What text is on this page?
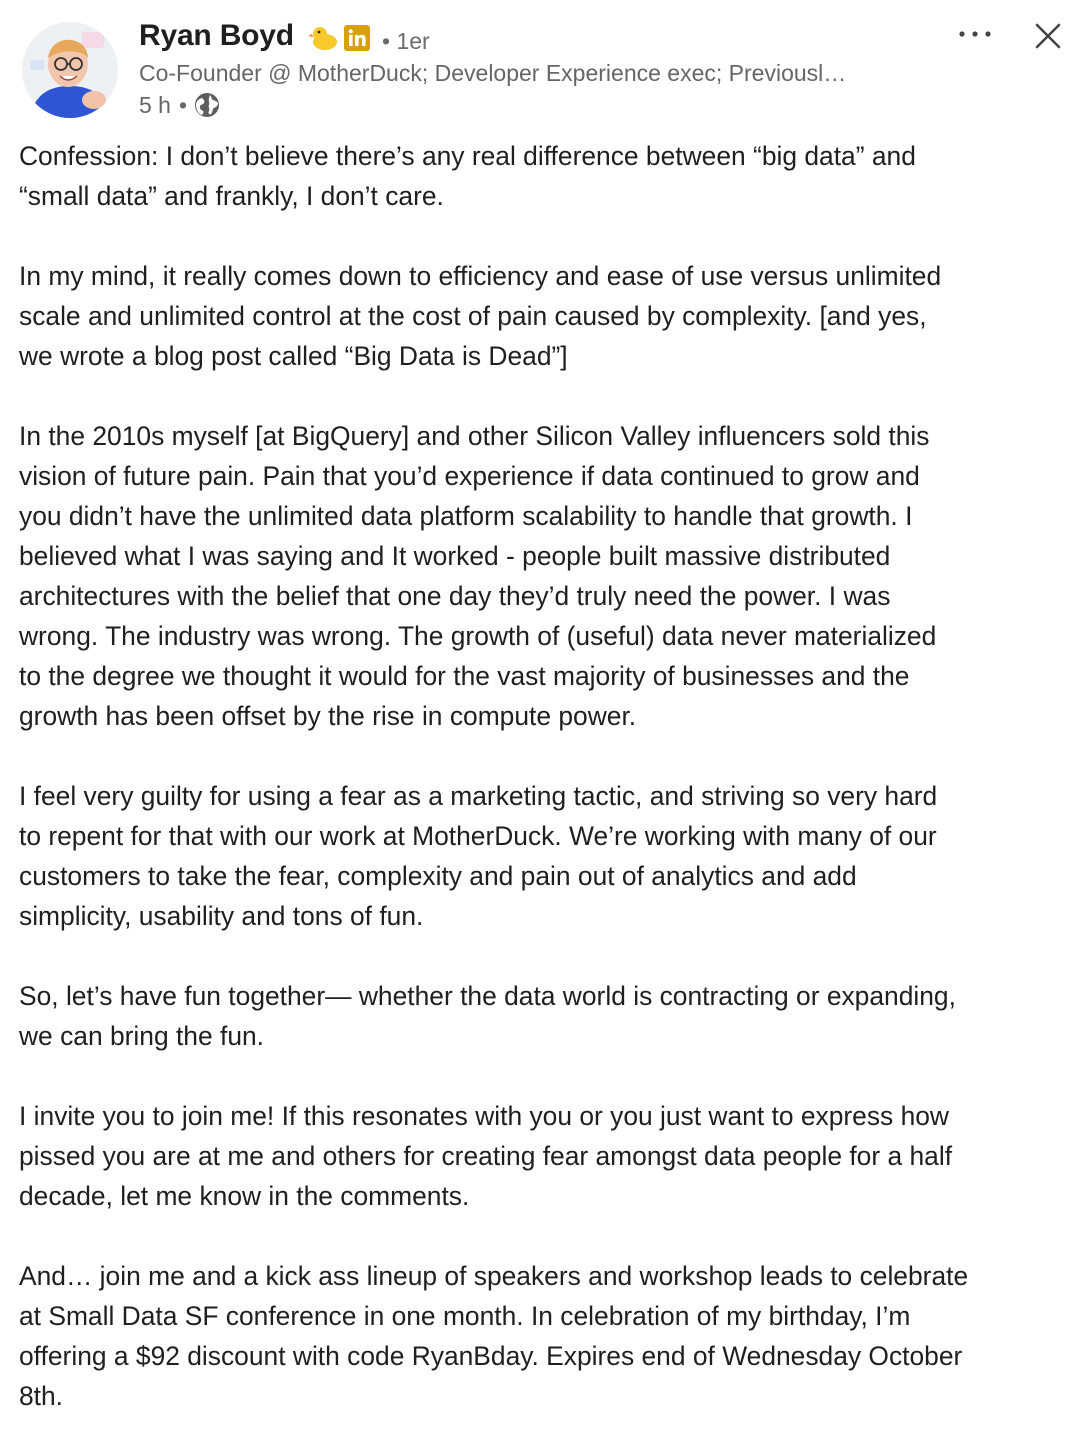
Ryan Boyd	• 1er
Co-Founder @ MotherDuck; Developer Experience exec; Previousl…
5 h •

Confession: I don’t believe there’s any real difference between “big data” and
“small data” and frankly, I don’t care.

In my mind, it really comes down to efficiency and ease of use versus unlimited
scale and unlimited control at the cost of pain caused by complexity. [and yes,
we wrote a blog post called “Big Data is Dead”]

In the 2010s myself [at BigQuery] and other Silicon Valley influencers sold this
vision of future pain. Pain that you’d experience if data continued to grow and
you didn’t have the unlimited data platform scalability to handle that growth. I
believed what I was saying and It worked - people built massive distributed
architectures with the belief that one day they’d truly need the power. I was
wrong. The industry was wrong. The growth of (useful) data never materialized
to the degree we thought it would for the vast majority of businesses and the
growth has been offset by the rise in compute power.

I feel very guilty for using a fear as a marketing tactic, and striving so very hard
to repent for that with our work at MotherDuck. We’re working with many of our
customers to take the fear, complexity and pain out of analytics and add
simplicity, usability and tons of fun.

So, let’s have fun together— whether the data world is contracting or expanding,
we can bring the fun.

I invite you to join me! If this resonates with you or you just want to express how
pissed you are at me and others for creating fear amongst data people for a half
decade, let me know in the comments.

And… join me and a kick ass lineup of speakers and workshop leads to celebrate
at Small Data SF conference in one month. In celebration of my birthday, I’m
offering a $92 discount with code RyanBday. Expires end of Wednesday October
8th.
